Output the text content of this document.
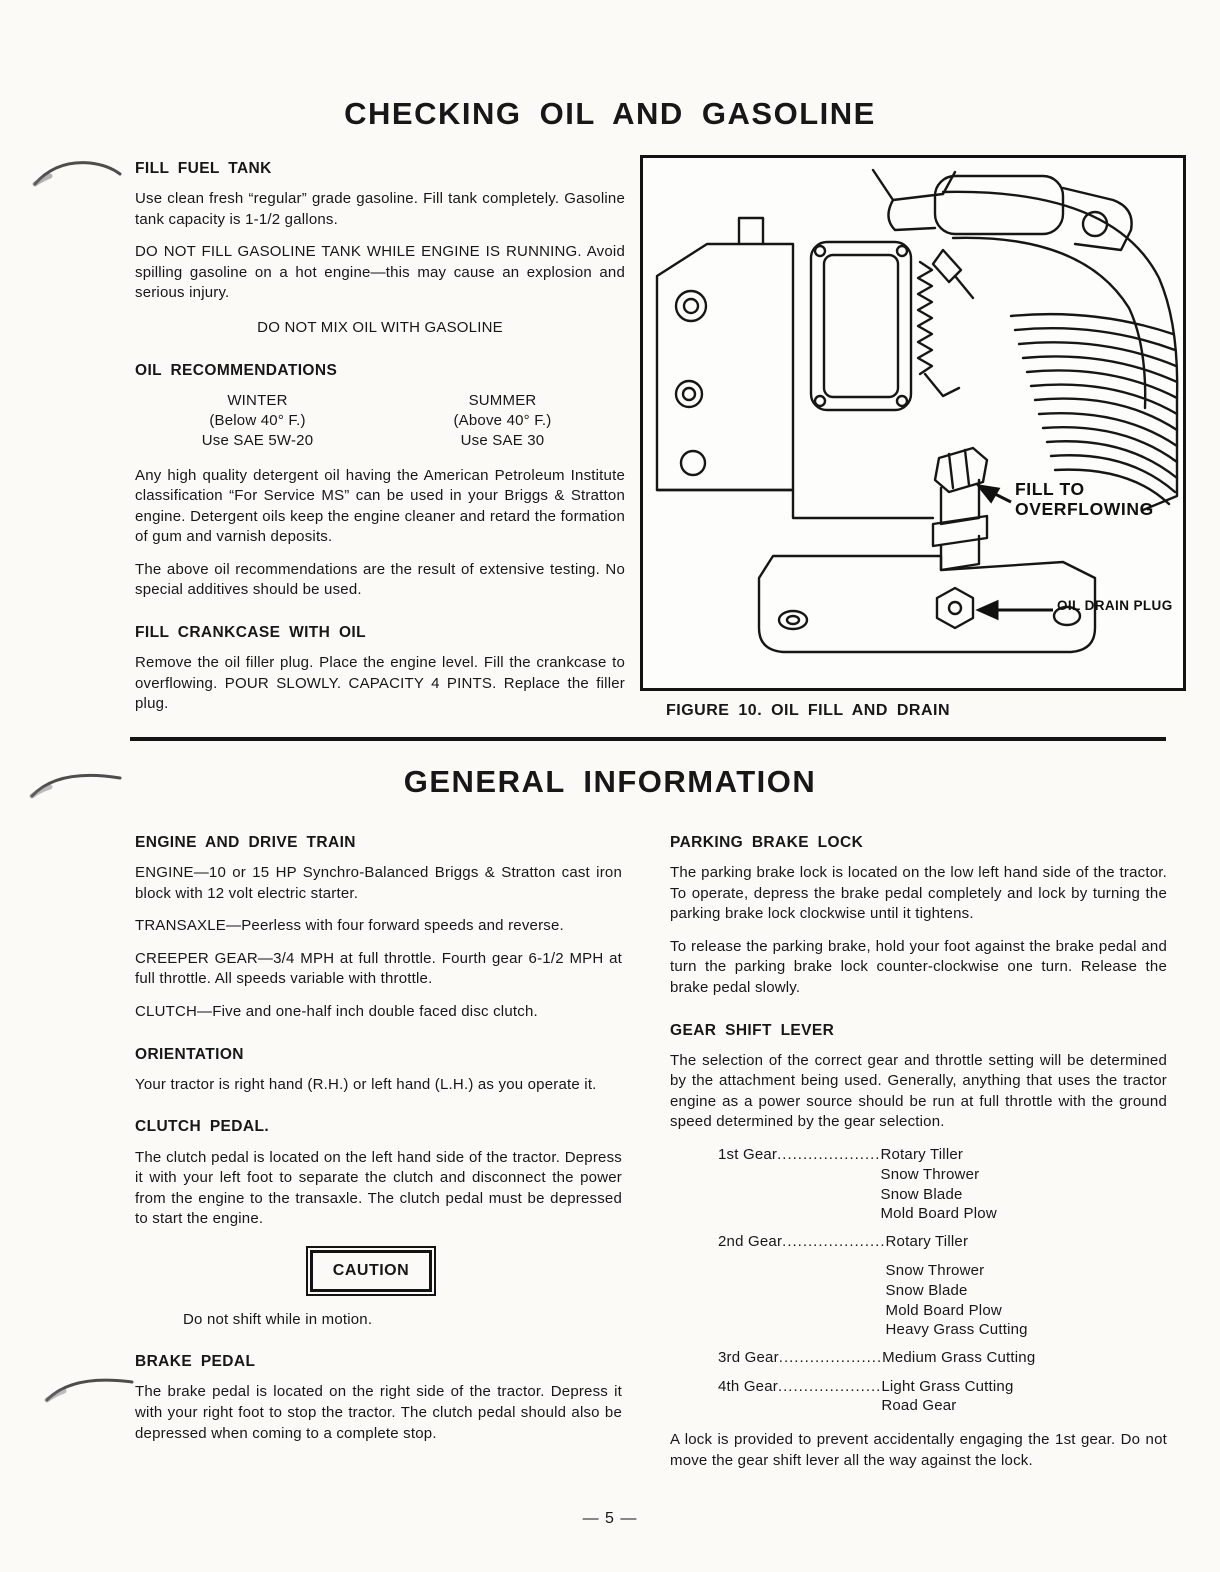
CHECKING OIL AND GASOLINE
FILL FUEL TANK

Use clean fresh “regular” grade gasoline. Fill tank completely. Gasoline tank capacity is 1-1/2 gallons.

DO NOT FILL GASOLINE TANK WHILE ENGINE IS RUNNING. Avoid spilling gasoline on a hot engine—this may cause an explosion and serious injury.

DO NOT MIX OIL WITH GASOLINE

OIL RECOMMENDATIONS
WINTER
(Below 40° F.)
Use SAE 5W-20
SUMMER
(Above 40° F.)
Use SAE 30

Any high quality detergent oil having the American Petroleum Institute classification “For Service MS” can be used in your Briggs & Stratton engine. Detergent oils keep the engine cleaner and retard the formation of gum and varnish deposits.

The above oil recommendations are the result of extensive testing. No special additives should be used.

FILL CRANKCASE WITH OIL

Remove the oil filler plug. Place the engine level. Fill the crankcase to overflowing. POUR SLOWLY. CAPACITY 4 PINTS. Replace the filler plug.

FILL TO OVERFLOWING
OIL DRAIN PLUG
FIGURE 10. OIL FILL AND DRAIN
GENERAL INFORMATION
ENGINE AND DRIVE TRAIN

ENGINE—10 or 15 HP Synchro-Balanced Briggs & Stratton cast iron block with 12 volt electric starter.

TRANSAXLE—Peerless with four forward speeds and reverse.

CREEPER GEAR—3/4 MPH at full throttle. Fourth gear 6-1/2 MPH at full throttle. All speeds variable with throttle.

CLUTCH—Five and one-half inch double faced disc clutch.

ORIENTATION

Your tractor is right hand (R.H.) or left hand (L.H.) as you operate it.

CLUTCH PEDAL.

The clutch pedal is located on the left hand side of the tractor. Depress it with your left foot to separate the clutch and disconnect the power from the engine to the transaxle. The clutch pedal must be depressed to start the engine.

CAUTION

Do not shift while in motion.

BRAKE PEDAL

The brake pedal is located on the right side of the tractor. Depress it with your right foot to stop the tractor. The clutch pedal should also be depressed when coming to a complete stop.

PARKING BRAKE LOCK

The parking brake lock is located on the low left hand side of the tractor. To operate, depress the brake pedal completely and lock by turning the parking brake lock clockwise until it tightens.

To release the parking brake, hold your foot against the brake pedal and turn the parking brake lock counter-clockwise one turn. Release the brake pedal slowly.

GEAR SHIFT LEVER

The selection of the correct gear and throttle setting will be determined by the attachment being used. Generally, anything that uses the tractor engine as a power source should be run at full throttle with the ground speed determined by the gear selection.

1st Gear .................... Rotary Tiller
Snow Thrower
Snow Blade
Mold Board Plow
2nd Gear .................... Rotary Tiller
Snow Thrower
Snow Blade
Mold Board Plow
Heavy Grass Cutting
3rd Gear .................... Medium Grass Cutting
4th Gear .................... Light Grass Cutting
Road Gear

A lock is provided to prevent accidentally engaging the 1st gear. Do not move the gear shift lever all the way against the lock.

— 5 —
